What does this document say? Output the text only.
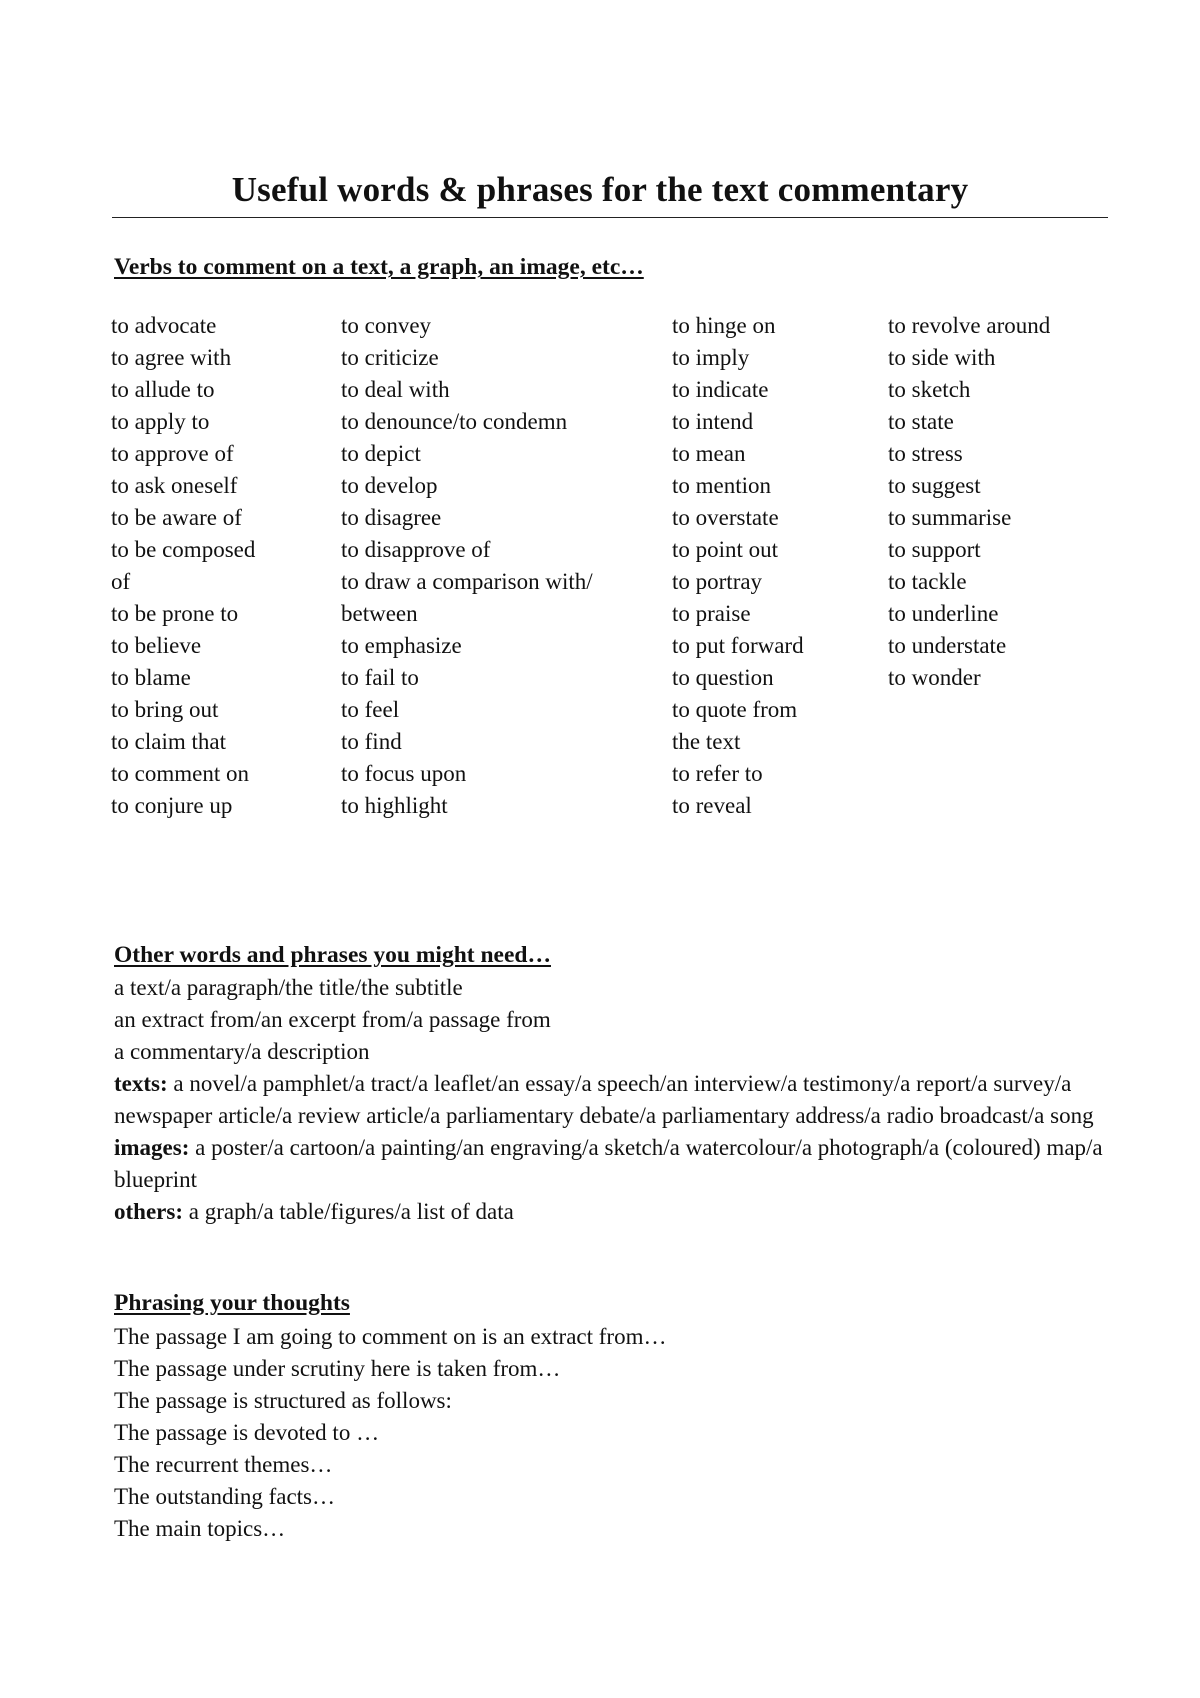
Useful words & phrases for the text commentary
Verbs to comment on a text, a graph, an image, etc…
to advocate
to agree with
to allude to
to apply to
to approve of
to ask oneself
to be aware of
to be composed
of
to be prone to
to believe
to blame
to bring out
to claim that
to comment on
to conjure up
to convey
to criticize
to deal with
to denounce/to condemn
to depict
to develop
to disagree
to disapprove of
to draw a comparison with/
between
to emphasize
to fail to
to feel
to find
to focus upon
to highlight
to hinge on
to imply
to indicate
to intend
to mean
to mention
to overstate
to point out
to portray
to praise
to put forward
to question
to quote from
the text
to refer to
to reveal
to revolve around
to side with
to sketch
to state
to stress
to suggest
to summarise
to support
to tackle
to underline
to understate
to wonder
Other words and phrases you might need…

a text/a paragraph/the title/the subtitle

an extract from/an excerpt from/a passage from

a commentary/a description

texts: a novel/a pamphlet/a tract/a leaflet/an essay/a speech/an interview/a testimony/a report/a survey/a newspaper article/a review article/a parliamentary debate/a parliamentary address/a radio broadcast/a song

images: a poster/a cartoon/a painting/an engraving/a sketch/a watercolour/a photograph/a (coloured) map/a blueprint

others: a graph/a table/figures/a list of data

Phrasing your thoughts
The passage I am going to comment on is an extract from…
The passage under scrutiny here is taken from…
The passage is structured as follows:
The passage is devoted to …
The recurrent themes…
The outstanding facts…
The main topics…
